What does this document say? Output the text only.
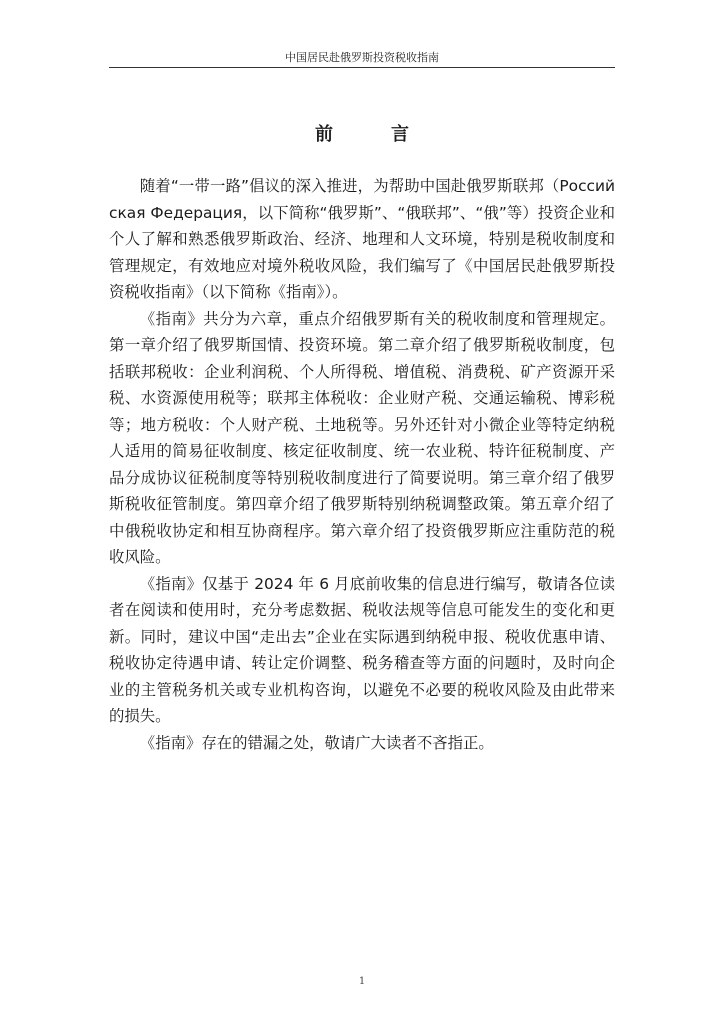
中国居民赴俄罗斯投资税收指南
前　言

随着“一带一路”倡议的深入推进，为帮助中国赴俄罗斯联邦（Российская Федерация，以下简称“俄罗斯”、“俄联邦”、“俄”等）投资企业和个人了解和熟悉俄罗斯政治、经济、地理和人文环境，特别是税收制度和管理规定，有效地应对境外税收风险，我们编写了《中国居民赴俄罗斯投资税收指南》（以下简称《指南》）。

《指南》共分为六章，重点介绍俄罗斯有关的税收制度和管理规定。第一章介绍了俄罗斯国情、投资环境。第二章介绍了俄罗斯税收制度，包括联邦税收：企业利润税、个人所得税、增值税、消费税、矿产资源开采税、水资源使用税等；联邦主体税收：企业财产税、交通运输税、博彩税等；地方税收：个人财产税、土地税等。另外还针对小微企业等特定纳税人适用的简易征收制度、核定征收制度、统一农业税、特许征税制度、产品分成协议征税制度等特别税收制度进行了简要说明。第三章介绍了俄罗斯税收征管制度。第四章介绍了俄罗斯特别纳税调整政策。第五章介绍了中俄税收协定和相互协商程序。第六章介绍了投资俄罗斯应注重防范的税收风险。

《指南》仅基于 2024 年 6 月底前收集的信息进行编写，敬请各位读者在阅读和使用时，充分考虑数据、税收法规等信息可能发生的变化和更新。同时，建议中国“走出去”企业在实际遇到纳税申报、税收优惠申请、税收协定待遇申请、转让定价调整、税务稽查等方面的问题时，及时向企业的主管税务机关或专业机构咨询，以避免不必要的税收风险及由此带来的损失。

《指南》存在的错漏之处，敬请广大读者不吝指正。

1
